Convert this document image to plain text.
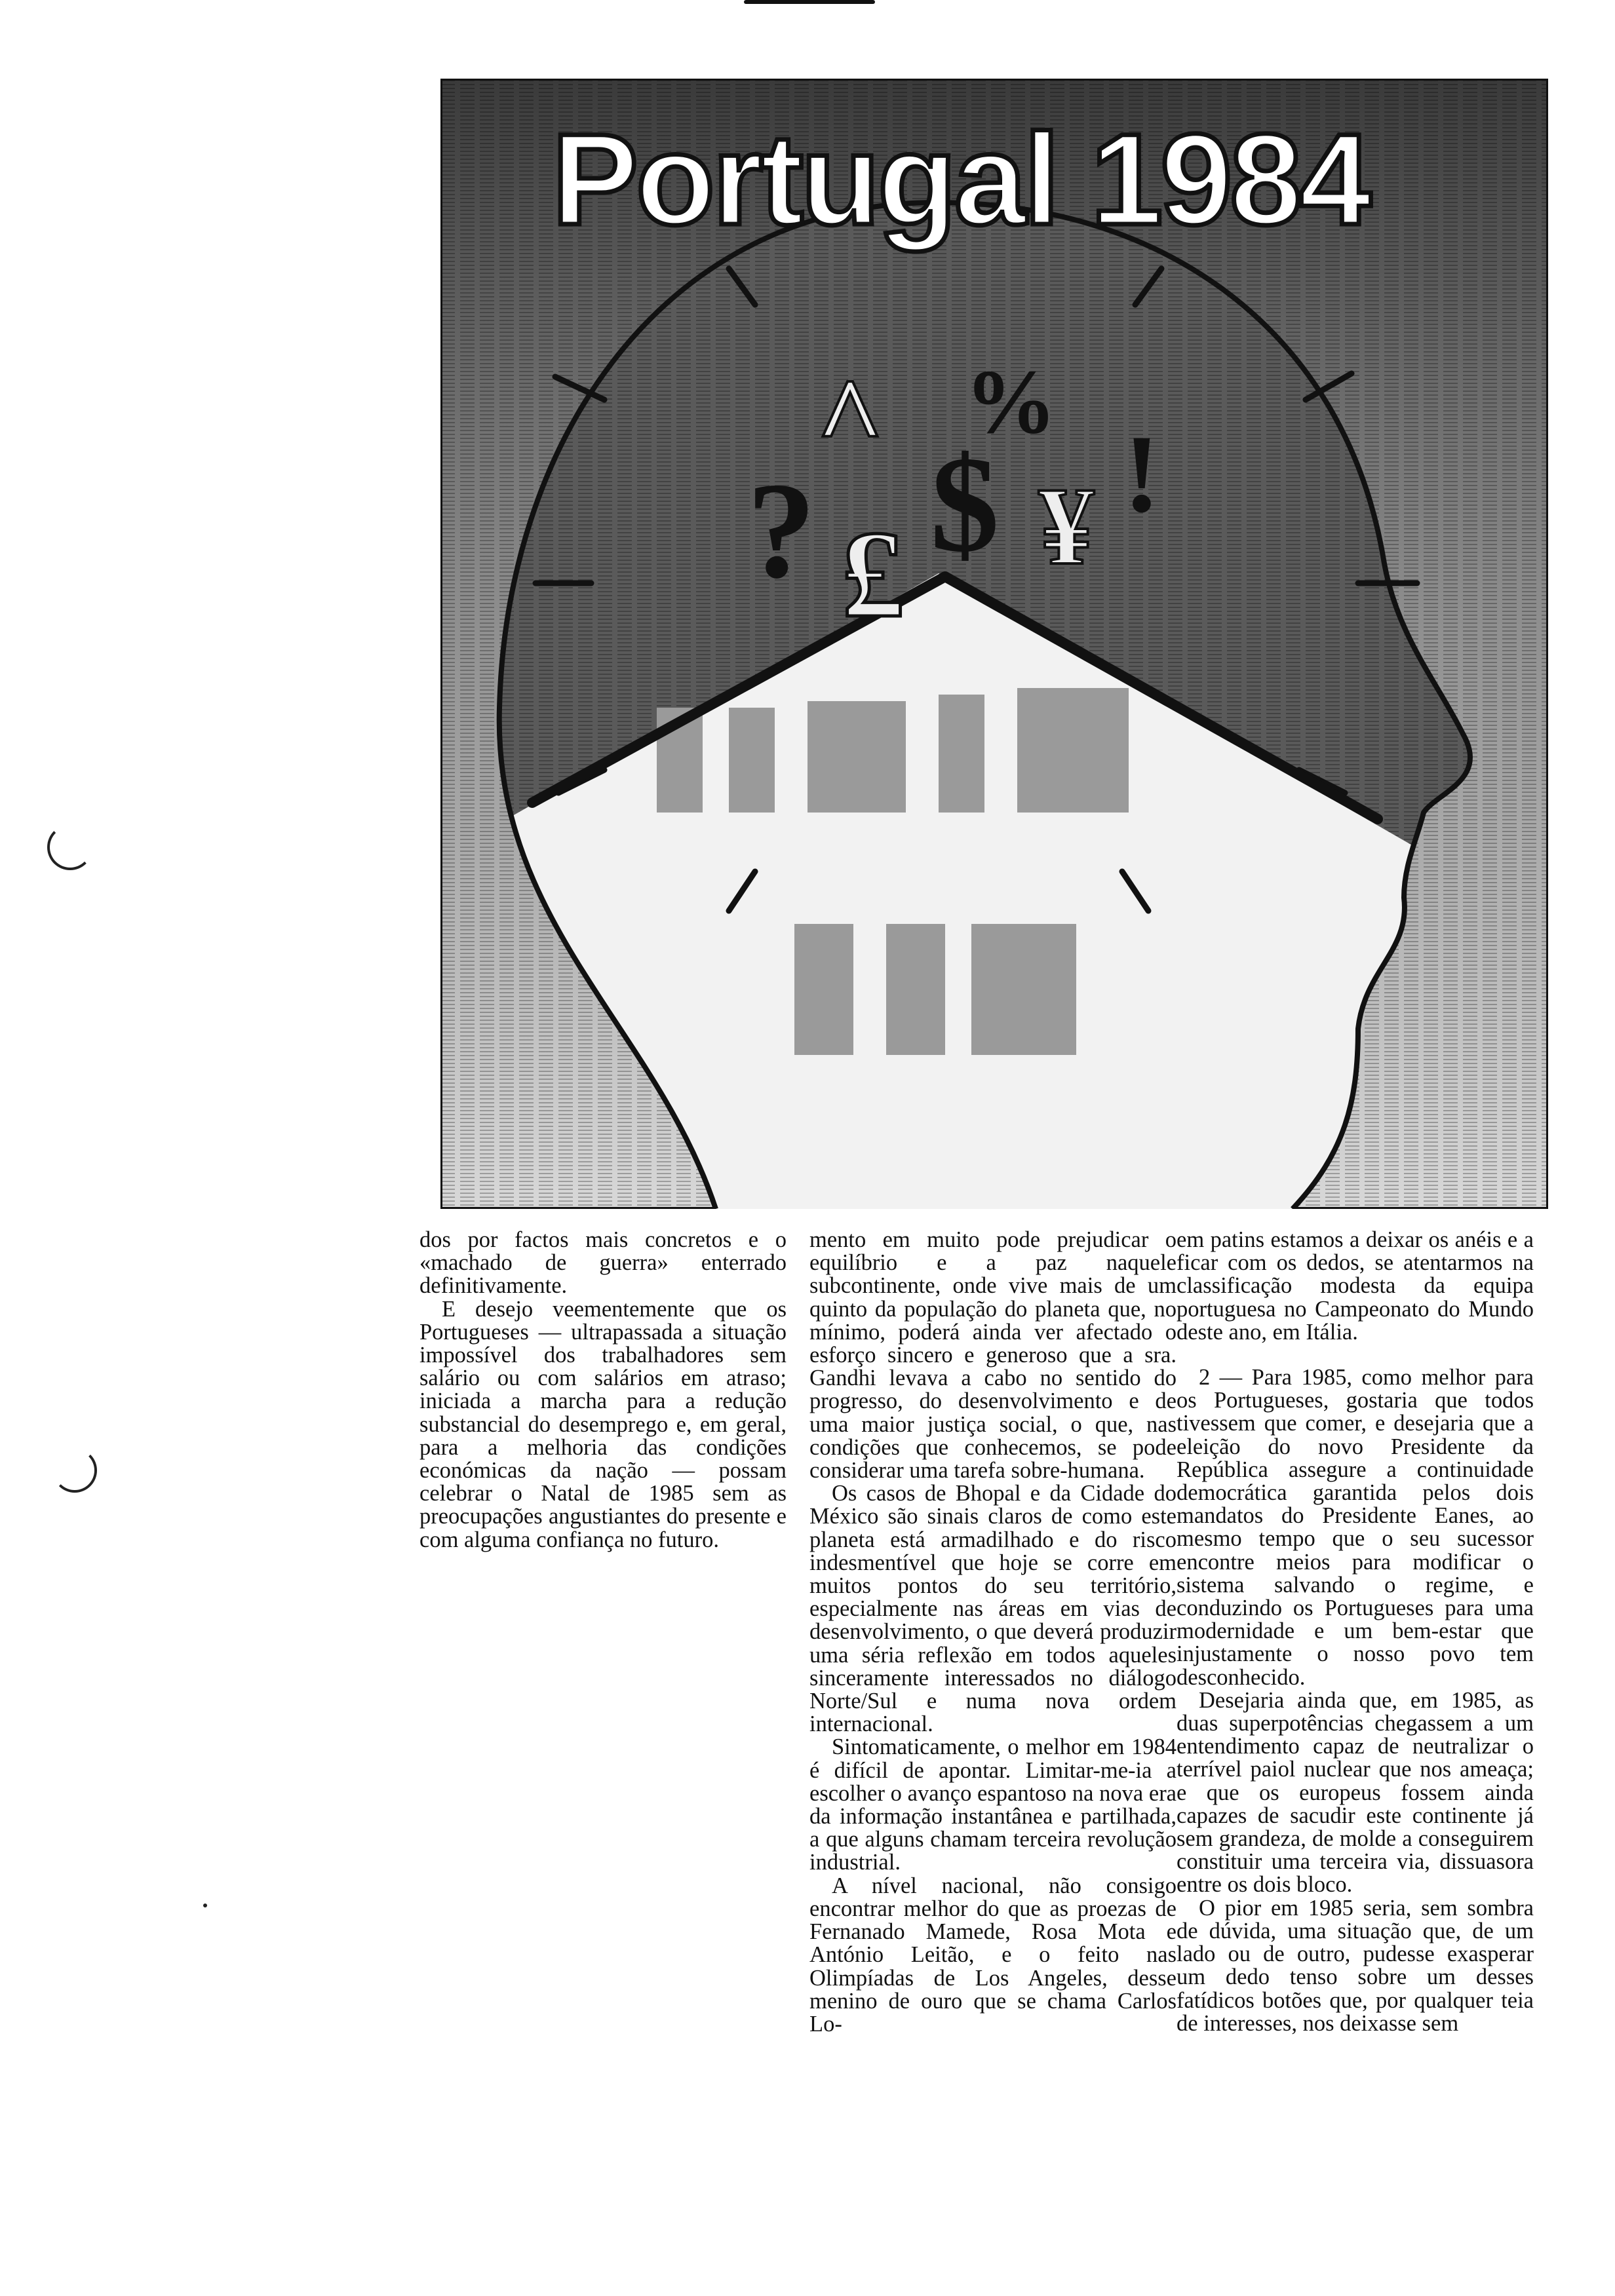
?
^ %
$ ¥
£
!
Portugal 1984

dos por factos mais concretos e o «machado de guerra» enterrado definitivamente.

E desejo veementemente que os Portugueses — ultrapassada a situação impossível dos trabalhadores sem salário ou com salários em atraso; iniciada a marcha para a redução substancial do desemprego e, em geral, para a melhoria das condições económicas da nação — possam celebrar o Natal de 1985 sem as preocupações angustiantes do presente e com alguma confiança no futuro.

mento em muito pode prejudicar o equilíbrio e a paz naquele subcontinente, onde vive mais de um quinto da população do planeta que, no mínimo, poderá ainda ver afectado o esforço sincero e generoso que a sra. Gandhi levava a cabo no sentido do progresso, do desenvolvimento e de uma maior justiça social, o que, nas condições que conhecemos, se pode considerar uma tarefa sobre-humana.

Os casos de Bhopal e da Cidade do México são sinais claros de como este planeta está armadilhado e do risco indesmentível que hoje se corre em muitos pontos do seu território, especialmente nas áreas em vias de desenvolvimento, o que deverá produzir uma séria reflexão em todos aqueles sinceramente interessados no diálogo Norte/Sul e numa nova ordem internacional.

Sintomaticamente, o melhor em 1984 é difícil de apontar. Limitar-me-ia a escolher o avanço espantoso na nova era da informação instantânea e partilhada, a que alguns chamam terceira revolução industrial.

A nível nacional, não consigo encontrar melhor do que as proezas de Fernanado Mamede, Rosa Mota e António Leitão, e o feito nas Olimpíadas de Los Angeles, desse menino de ouro que se chama Carlos Lo-

em patins estamos a deixar os anéis e a ficar com os dedos, se atentarmos na classificação modesta da equipa portuguesa no Campeonato do Mundo deste ano, em Itália.

2 — Para 1985, como melhor para os Portugueses, gostaria que todos tivessem que comer, e desejaria que a eleição do novo Presidente da República assegure a continuidade democrática garantida pelos dois mandatos do Presidente Eanes, ao mesmo tempo que o seu sucessor encontre meios para modificar o sistema salvando o regime, e conduzindo os Portugueses para uma modernidade e um bem-estar que injustamente o nosso povo tem desconhecido.

Desejaria ainda que, em 1985, as duas superpotências chegassem a um entendimento capaz de neutralizar o terrível paiol nuclear que nos ameaça; e que os europeus fossem ainda capazes de sacudir este continente já sem grandeza, de molde a conseguirem constituir uma terceira via, dissuasora entre os dois bloco.

O pior em 1985 seria, sem sombra de dúvida, uma situação que, de um lado ou de outro, pudesse exasperar um dedo tenso sobre um desses fatídicos botões que, por qualquer teia de interesses, nos deixasse sem
